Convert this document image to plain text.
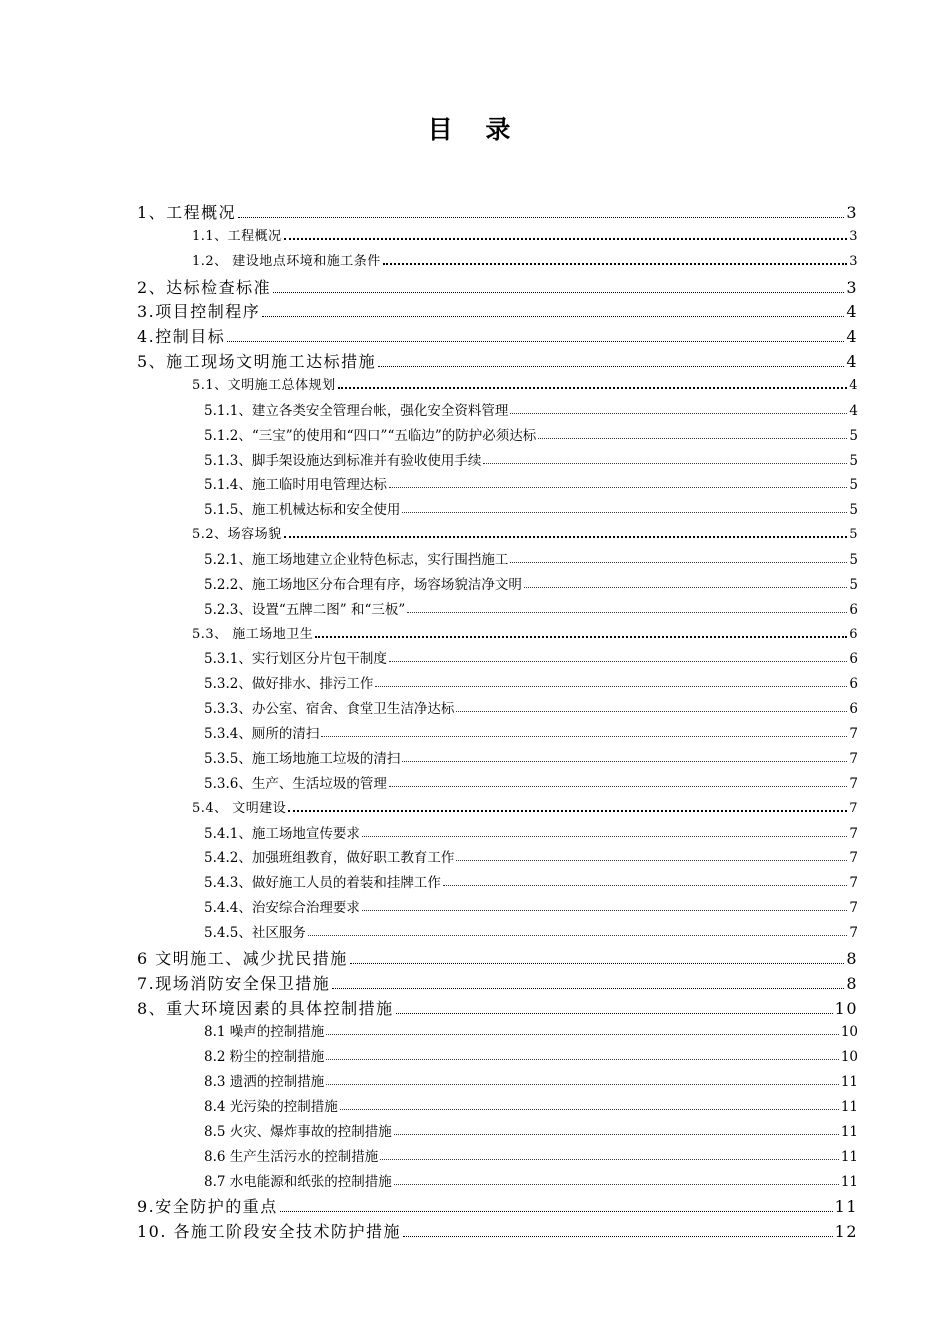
目 录
1、工程概况	3
1.1、工程概况	3
1.2、 建设地点环境和施工条件	3
2、达标检查标准	3
3.项目控制程序	4
4.控制目标	4
5、施工现场文明施工达标措施	4
5.1、文明施工总体规划	4
5.1.1、建立各类安全管理台帐，强化安全资料管理	4
5.1.2、“三宝”的使用和“四口”“五临边”的防护必须达标	5
5.1.3、脚手架设施达到标准并有验收使用手续	5
5.1.4、施工临时用电管理达标	5
5.1.5、施工机械达标和安全使用	5
5.2、场容场貌	5
5.2.1、施工场地建立企业特色标志，实行围挡施工	5
5.2.2、施工场地区分布合理有序，场容场貌洁净文明	5
5.2.3、设置“五牌二图” 和“三板”	6
5.3、 施工场地卫生	6
5.3.1、实行划区分片包干制度	6
5.3.2、做好排水、排污工作	6
5.3.3、办公室、宿舍、食堂卫生洁净达标	6
5.3.4、厕所的清扫	7
5.3.5、施工场地施工垃圾的清扫	7
5.3.6、生产、生活垃圾的管理	7
5.4、 文明建设	7
5.4.1、施工场地宣传要求	7
5.4.2、加强班组教育，做好职工教育工作	7
5.4.3、做好施工人员的着装和挂牌工作	7
5.4.4、治安综合治理要求	7
5.4.5、社区服务	7
6 文明施工、减少扰民措施	8
7.现场消防安全保卫措施	8
8、重大环境因素的具体控制措施	10
8.1 噪声的控制措施	10
8.2 粉尘的控制措施	10
8.3 遗洒的控制措施	11
8.4 光污染的控制措施	11
8.5 火灾、爆炸事故的控制措施	11
8.6 生产生活污水的控制措施	11
8.7 水电能源和纸张的控制措施	11
9.安全防护的重点	11
10. 各施工阶段安全技术防护措施	12
